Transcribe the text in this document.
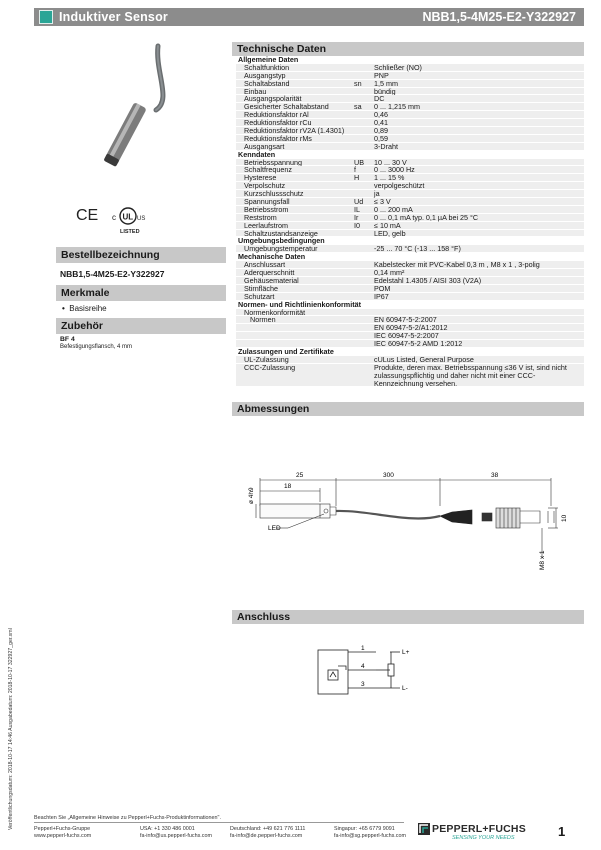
Induktiver Sensor	NBB1,5-4M25-E2-Y322927
Veröffentlichungsdatum: 2018-10-17 14:46 Ausgabedatum: 2018-10-17 322927_ger.xml
CE c UL US
LISTED
Bestellbezeichnung
NBB1,5-4M25-E2-Y322927
Merkmale
• Basisreihe
Zubehör
BF 4
Befestigungsflansch, 4 mm
Technische Daten
Allgemeine Daten
Schaltfunktion	Schließer (NO)
Ausgangstyp	PNP
Schaltabstand	sn 1,5 mm
Einbau	bündig
Ausgangspolarität	DC
Gesicherter Schaltabstand	sa 0 ... 1,215 mm
Reduktionsfaktor rAl	0,46
Reduktionsfaktor rCu	0,41
Reduktionsfaktor rV2A (1.4301)	0,89
Reduktionsfaktor rMs	0,59
Ausgangsart	3-Draht
Kenndaten
Betriebsspannung	UB 10 ... 30 V
Schaltfrequenz	f	0 ... 3000 Hz
Hysterese	H 1 ... 15 %
Verpolschutz	verpolgeschützt
Kurzschlussschutz	ja
Spannungsfall	Ud ≤ 3 V
Betriebsstrom	IL 0 ... 200 mA
Reststrom	Ir 0 ... 0,1 mA typ. 0,1 µA bei 25 °C
Leerlaufstrom	I0 ≤ 10 mA
Schaltzustandsanzeige	LED, gelb
Umgebungsbedingungen
Umgebungstemperatur	-25 ... 70 °C (-13 ... 158 °F)
Mechanische Daten
Anschlussart	Kabelstecker mit PVC-Kabel 0,3 m , M8 x 1 , 3-polig
Aderquerschnitt	0,14 mm²
Gehäusematerial	Edelstahl 1.4305 / AISI 303 (V2A)
Stirnfläche	POM
Schutzart	IP67
Normen- und Richtlinienkonformität
Normenkonformität
Normen	EN 60947-5-2:2007
EN 60947-5-2/A1:2012
IEC 60947-5-2:2007
IEC 60947-5-2 AMD 1:2012
Zulassungen und Zertifikate
UL-Zulassung	cULus Listed, General Purpose
CCC-Zulassung	Produkte, deren max. Betriebsspannung ≤36 V ist, sind nicht zulassungspflichtig und daher nicht mit einer CCC-Kennzeichnung versehen.
Abmessungen
25	300	38
18
ø 4h9
LED
10
M8 x 1
Anschluss
1
4
3
L+
L-
Beachten Sie „Allgemeine Hinweise zu Pepperl+Fuchs-Produktinformationen".
Pepperl+Fuchs-Gruppe
www.pepperl-fuchs.com
USA: +1 330 486 0001
fa-info@us.pepperl-fuchs.com
Deutschland: +49 621 776 1111
fa-info@de.pepperl-fuchs.com
Singapur: +65 6779 9091
fa-info@sg.pepperl-fuchs.com
PEPPERL+FUCHS
SENSING YOUR NEEDS	1
